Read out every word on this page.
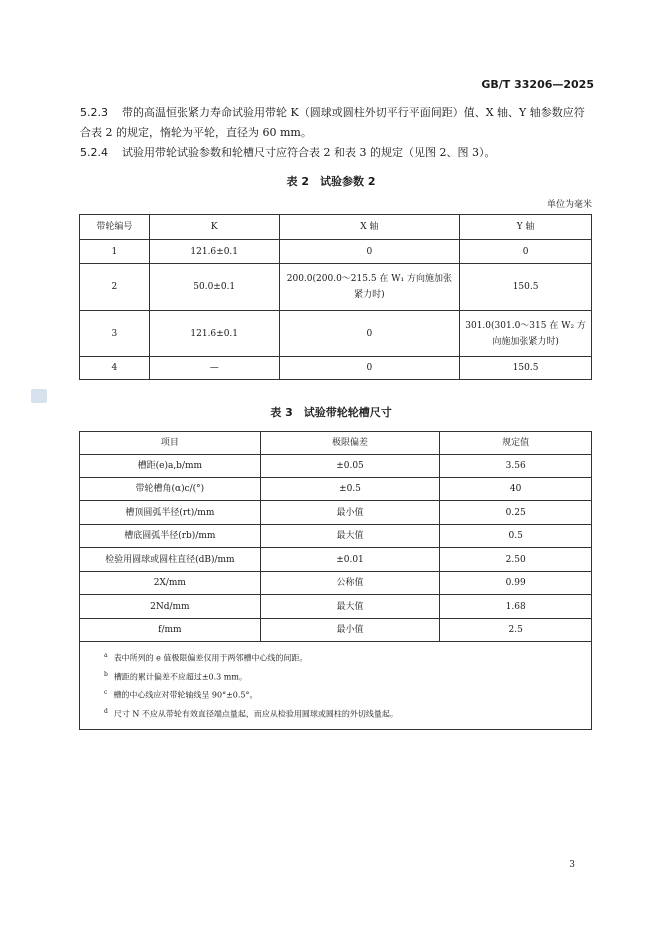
GB/T 33206—2025
5.2.3 带的高温恒张紧力寿命试验用带轮 K（圆球或圆柱外切平行平面间距）值、X 轴、Y 轴参数应符
合表 2 的规定，惰轮为平轮，直径为 60 mm。
5.2.4 试验用带轮试验参数和轮槽尺寸应符合表 2 和表 3 的规定（见图 2、图 3）。
表 2　试验参数 2
单位为毫米
带轮编号	K	X 轴	Y 轴
1	121.6±0.1	0	0
2	50.0±0.1	200.0(200.0～215.5 在 W₁ 方向施加张紧力时)	150.5
3	121.6±0.1	0	301.0(301.0～315 在 W₂ 方向施加张紧力时)
4	—	0	150.5
表 3　试验带轮轮槽尺寸
项目	极限偏差	规定值
槽距(e)a,b/mm	±0.05	3.56
带轮槽角(α)c/(°)	±0.5	40
槽顶圆弧半径(rt)/mm	最小值	0.25
槽底圆弧半径(rb)/mm	最大值	0.5
检验用圆球或圆柱直径(dB)/mm	±0.01	2.50
2X/mm	公称值	0.99
2Nd/mm	最大值	1.68
f/mm	最小值	2.5

$^a$ 表中所列的 e 值极限偏差仅用于两邻槽中心线的间距。
$^b$ 槽距的累计偏差不应超过±0.3 mm。
$^c$ 槽的中心线应对带轮轴线呈 90°±0.5°。
$^d$ 尺寸 N 不应从带轮有效直径端点量起，而应从检验用圆球或圆柱的外切线量起。		
3
